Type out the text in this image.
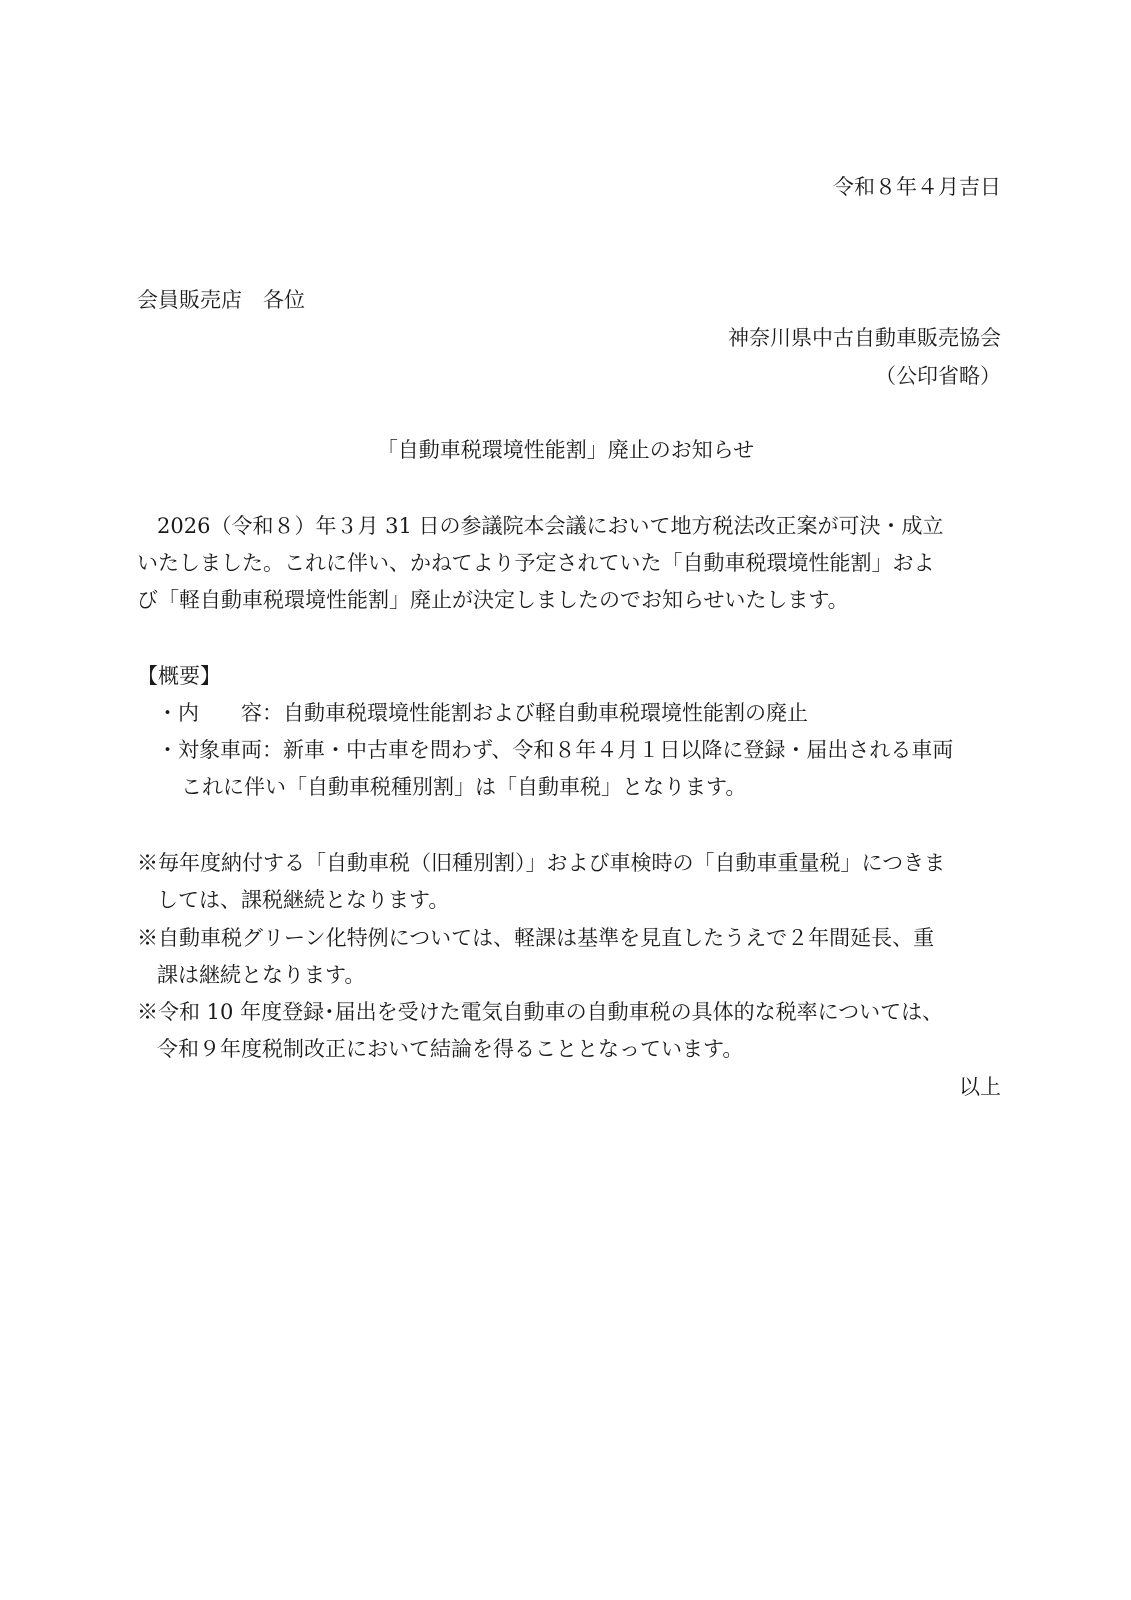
令和８年４月吉日
会員販売店　各位
神奈川県中古自動車販売協会
（公印省略）
「自動車税環境性能割」廃止のお知らせ
2026（令和８）年３月 31 日の参議院本会議において地方税法改正案が可決・成立
いたしました。これに伴い、かねてより予定されていた「自動車税環境性能割」およ
び「軽自動車税環境性能割」廃止が決定しましたのでお知らせいたします。
【概要】
・内　　容：自動車税環境性能割および軽自動車税環境性能割の廃止
・対象車両：新車・中古車を問わず、令和８年４月１日以降に登録・届出される車両
これに伴い「自動車税種別割」は「自動車税」となります。
※毎年度納付する「自動車税（旧種別割）」および車検時の「自動車重量税」につきま
しては、課税継続となります。
※自動車税グリーン化特例については、軽課は基準を見直したうえで２年間延長、重
課は継続となります。
※令和 10 年度登録･届出を受けた電気自動車の自動車税の具体的な税率については、
令和９年度税制改正において結論を得ることとなっています。
以上
